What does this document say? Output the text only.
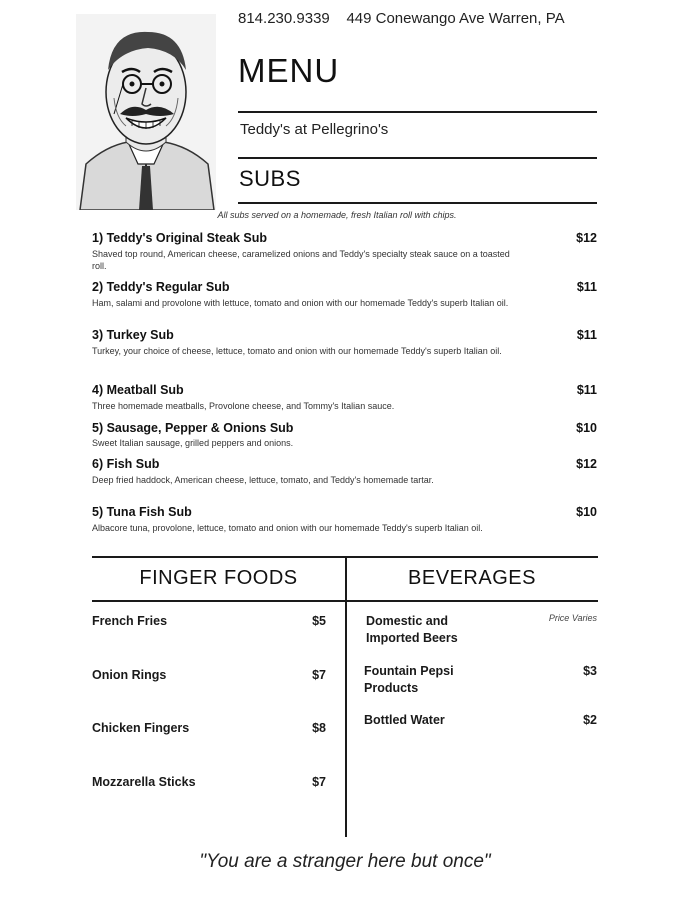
814.230.9339 449 Conewango Ave Warren, PA
MENU
Teddy's at Pellegrino's
SUBS
All subs served on a homemade, fresh Italian roll with chips.
1) Teddy's Original Steak Sub
Shaved top round, American cheese, caramelized onions and Teddy's specialty steak sauce on a toasted roll.
$12
2) Teddy's Regular Sub
Ham, salami and provolone with lettuce, tomato and onion with our homemade Teddy's superb Italian oil.
$11
3) Turkey Sub
Turkey, your choice of cheese, lettuce, tomato and onion with our homemade Teddy's superb Italian oil.
$11
4) Meatball Sub
Three homemade meatballs, Provolone cheese, and Tommy's Italian sauce.
$11
5) Sausage, Pepper & Onions Sub
Sweet Italian sausage, grilled peppers and onions.
$10
6) Fish Sub
Deep fried haddock, American cheese, lettuce, tomato, and Teddy's homemade tartar.
$12
5) Tuna Fish Sub
Albacore tuna, provolone, lettuce, tomato and onion with our homemade Teddy's superb Italian oil.
$10
FINGER FOODS	BEVERAGES
French Fries	$5
Onion Rings	$7
Chicken Fingers	$8
Mozzarella Sticks	$7
Domestic and
Imported Beers
Price Varies
Fountain Pepsi
Products
$3
Bottled Water	$2
"You are a stranger here but once"
